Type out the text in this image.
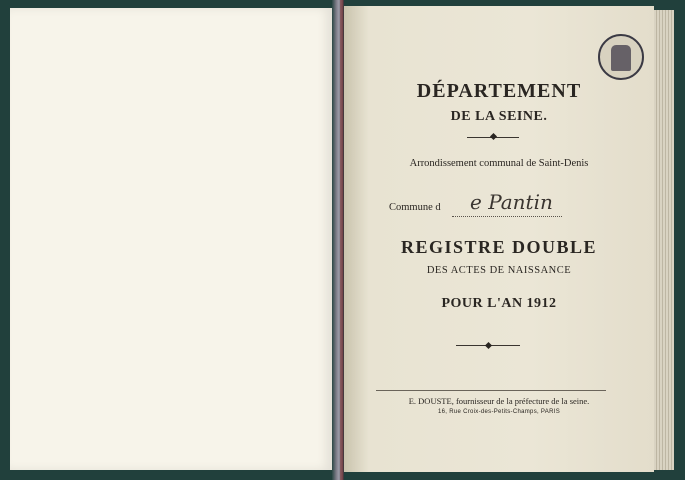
DÉPARTEMENT

DE LA SEINE.

Arrondissement communal de Saint-Denis

Commune d e Pantin

REGISTRE DOUBLE

DES ACTES DE NAISSANCE

POUR L'AN 1912

E. DOUSTE, fournisseur de la préfecture de la seine.

16, Rue Croix-des-Petits-Champs, PARIS
